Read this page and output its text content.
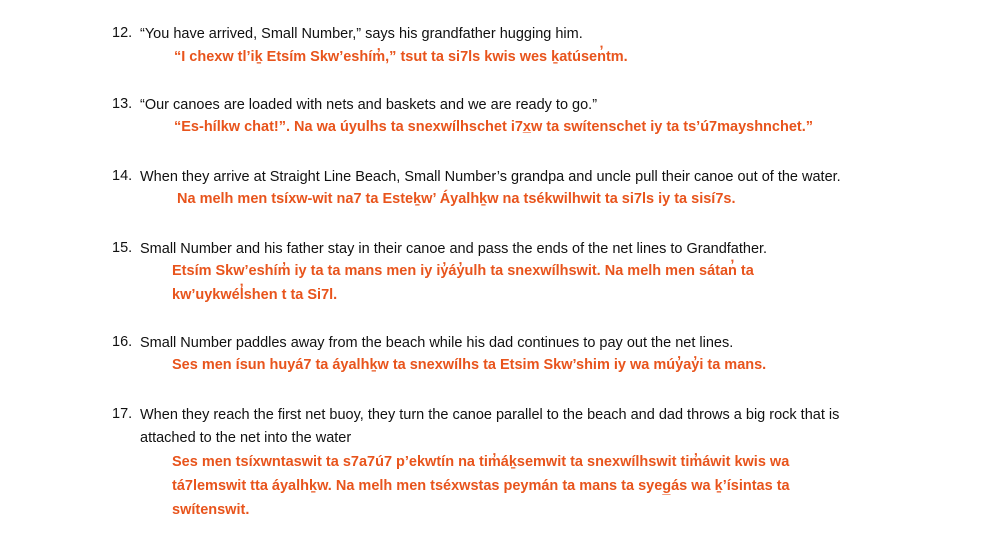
12. “You have arrived, Small Number,” says his grandfather hugging him.
“I chexw tl’iḵ Etsím Skw’eshím̓,” tsut ta si7ls kwis wes ḵatúsen̓tm.
13. “Our canoes are loaded with nets and baskets and we are ready to go.”
“Es-hílkw chat!”. Na wa úyulhs ta snexwílhschet i7x̲w ta swítenschet iy ta ts’ú7mayshnchet.”
14. When they arrive at Straight Line Beach, Small Number’s grandpa and uncle pull their canoe out of the water.
Na melh men tsíxw-wit na7 ta Esteḵw’ Áyalhḵw na tsékwilhwit ta si7ls iy ta sisí7s.
15. Small Number and his father stay in their canoe and pass the ends of the net lines to Grandfather.
Etsím Skw’eshím̓ iy ta ta mans men iy iy̓áy̓ulh ta snexwílhswit. Na melh men sátan̓ ta
kw’uykwél̓shen t ta Si7l.
16. Small Number paddles away from the beach while his dad continues to pay out the net lines.
Ses men ísun huyá7 ta áyalhḵw ta snexwílhs ta Etsim Skw’shim iy wa múy̓ay̓i ta mans.
17. When they reach the first net buoy, they turn the canoe parallel to the beach and dad throws a big rock that is
attached to the net into the water
Ses men tsíxwntaswit ta s7a7ú7 p’ekwtín na tim̓áḵsemwit ta snexwílhswit tim̓áwit kwis wa
tá7lemswit tta áyalhḵw. Na melh men tséxwstas peymán ta mans ta syeg̲ás wa ḵ’ísintas ta
swítenswit.
